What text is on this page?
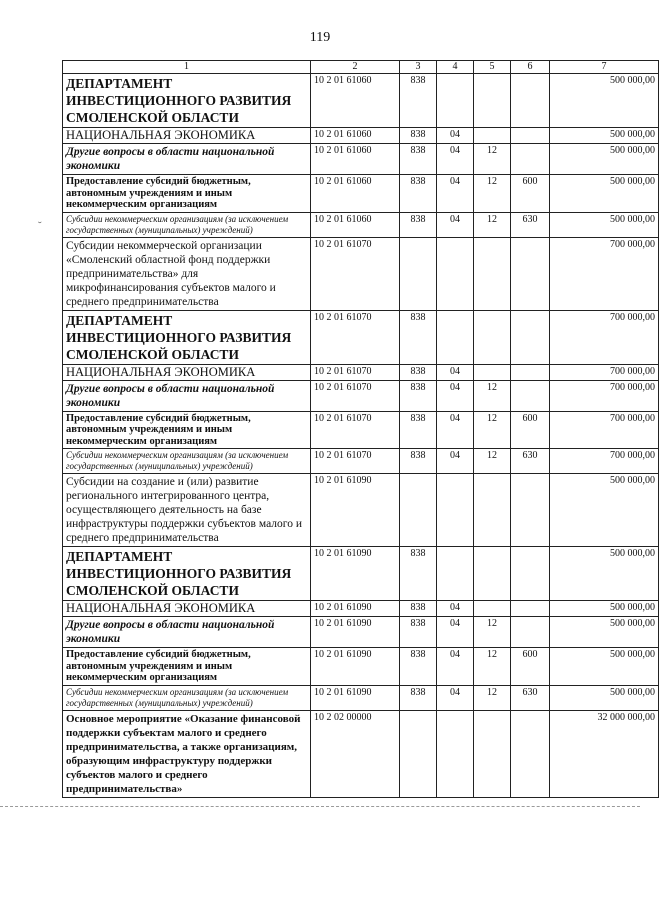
119
˘
1	2	3	4	5	6	7
ДЕПАРТАМЕНТ ИНВЕСТИЦИОННОГО РАЗВИТИЯ СМОЛЕНСКОЙ ОБЛАСТИ	10 2 01 61060	838				500 000,00
НАЦИОНАЛЬНАЯ ЭКОНОМИКА	10 2 01 61060	838	04			500 000,00
Другие вопросы в области национальной экономики	10 2 01 61060	838	04	12		500 000,00
Предоставление субсидий бюджетным, автономным учреждениям и иным некоммерческим организациям	10 2 01 61060	838	04	12	600	500 000,00
Субсидии некоммерческим организациям (за исключением государственных (муниципальных) учреждений)	10 2 01 61060	838	04	12	630	500 000,00
Субсидии некоммерческой организации «Смоленский областной фонд поддержки предпринимательства» для микрофинансирования субъектов малого и среднего предпринимательства	10 2 01 61070					700 000,00
ДЕПАРТАМЕНТ ИНВЕСТИЦИОННОГО РАЗВИТИЯ СМОЛЕНСКОЙ ОБЛАСТИ	10 2 01 61070	838				700 000,00
НАЦИОНАЛЬНАЯ ЭКОНОМИКА	10 2 01 61070	838	04			700 000,00
Другие вопросы в области национальной экономики	10 2 01 61070	838	04	12		700 000,00
Предоставление субсидий бюджетным, автономным учреждениям и иным некоммерческим организациям	10 2 01 61070	838	04	12	600	700 000,00
Субсидии некоммерческим организациям (за исключением государственных (муниципальных) учреждений)	10 2 01 61070	838	04	12	630	700 000,00
Субсидии на создание и (или) развитие регионального интегрированного центра, осуществляющего деятельность на базе инфраструктуры поддержки субъектов малого и среднего предпринимательства	10 2 01 61090					500 000,00
ДЕПАРТАМЕНТ ИНВЕСТИЦИОННОГО РАЗВИТИЯ СМОЛЕНСКОЙ ОБЛАСТИ	10 2 01 61090	838				500 000,00
НАЦИОНАЛЬНАЯ ЭКОНОМИКА	10 2 01 61090	838	04			500 000,00
Другие вопросы в области национальной экономики	10 2 01 61090	838	04	12		500 000,00
Предоставление субсидий бюджетным, автономным учреждениям и иным некоммерческим организациям	10 2 01 61090	838	04	12	600	500 000,00
Субсидии некоммерческим организациям (за исключением государственных (муниципальных) учреждений)	10 2 01 61090	838	04	12	630	500 000,00
Основное мероприятие «Оказание финансовой поддержки субъектам малого и среднего предпринимательства, а также организациям, образующим инфраструктуру поддержки субъектов малого и среднего предпринимательства»	10 2 02 00000					32 000 000,00
